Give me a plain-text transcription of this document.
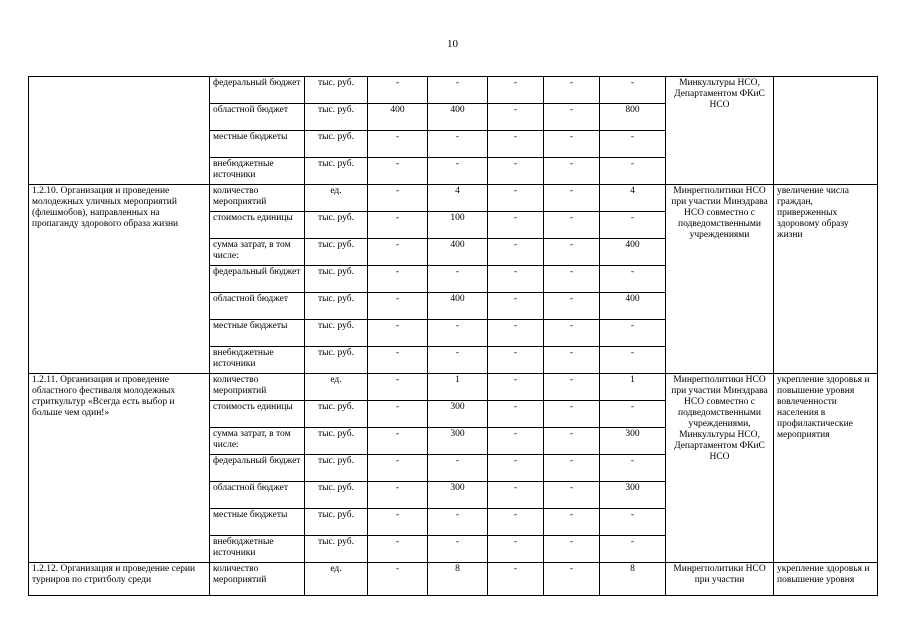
10
	федеральный бюджет	тыс. руб.	-	-	-	-	-	Минкультуры НСО, Департаментом ФКиС НСО	
	областной бюджет	тыс. руб.	400	400	-	-	800		
	местные бюджеты	тыс. руб.	-	-	-	-	-		
	внебюджетные источники	тыс. руб.	-	-	-	-	-		
1.2.10. Организация и проведение молодежных уличных мероприятий (флешмобов), направленных на пропаганду здорового образа жизни	количество мероприятий	ед.	-	4	-	-	4	Минрегполитики НСО при участии Минздрава НСО совместно с подведомственными учреждениями	увеличение числа граждан, приверженных здоровому образу жизни
	стоимость единицы	тыс. руб.	-	100	-	-	-		
	сумма затрат, в том числе:	тыс. руб.	-	400	-	-	400		
	федеральный бюджет	тыс. руб.	-	-	-	-	-		
	областной бюджет	тыс. руб.	-	400	-	-	400		
	местные бюджеты	тыс. руб.	-	-	-	-	-		
	внебюджетные источники	тыс. руб.	-	-	-	-	-		
1.2.11. Организация и проведение областного фестиваля молодежных стриткультур «Всегда есть выбор и больше чем один!»	количество мероприятий	ед.	-	1	-	-	1	Минрегполитики НСО при участии Минздрава НСО совместно с подведомственными учреждениями, Минкультуры НСО, Департаментом ФКиС НСО	укрепление здоровья и повышение уровня вовлеченности населения в профилактические мероприятия
	стоимость единицы	тыс. руб.	-	300	-	-	-		
	сумма затрат, в том числе:	тыс. руб.	-	300	-	-	300		
	федеральный бюджет	тыс. руб.	-	-	-	-	-		
	областной бюджет	тыс. руб.	-	300	-	-	300		
	местные бюджеты	тыс. руб.	-	-	-	-	-		
	внебюджетные источники	тыс. руб.	-	-	-	-	-		
1.2.12. Организация и проведение серии турниров по стритболу среди	количество мероприятий	ед.	-	8	-	-	8	Минрегполитики НСО при участии	укрепление здоровья и повышение уровня
